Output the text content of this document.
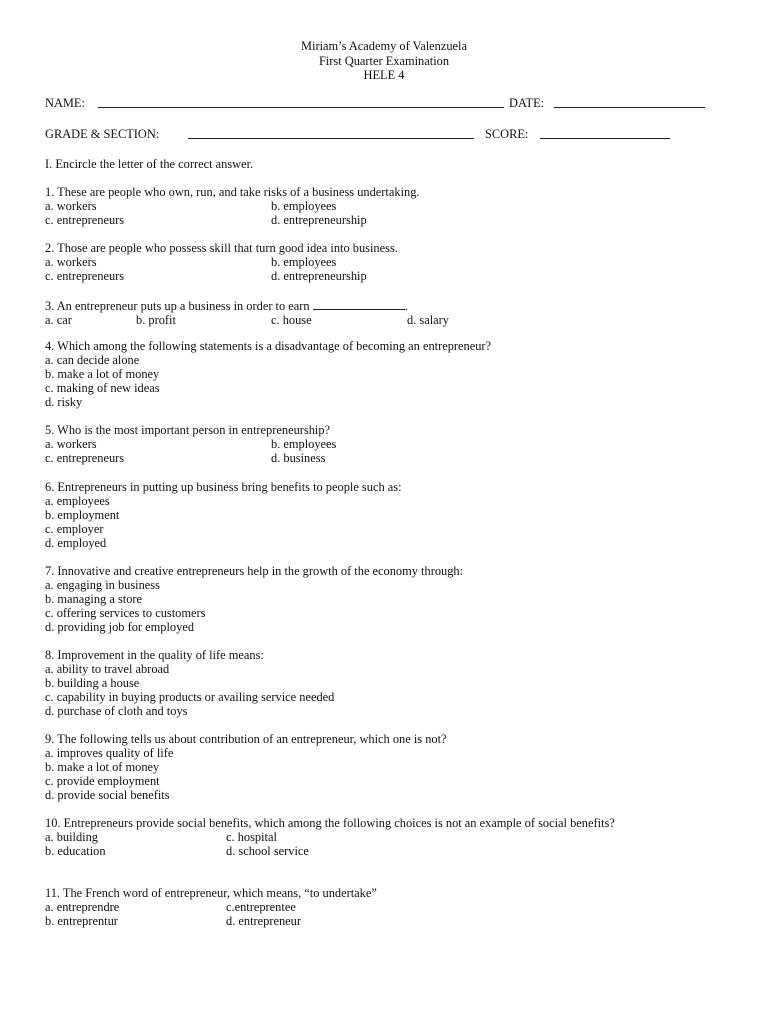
Miriam’s Academy of Valenzuela
First Quarter Examination
HELE 4
NAME:	DATE:
GRADE & SECTION:	SCORE:
I. Encircle the letter of the correct answer.
1. These are people who own, run, and take risks of a business undertaking.
a. workers	b. employees
c. entrepreneurs	d. entrepreneurship
2. Those are people who possess skill that turn good idea into business.
a. workers	b. employees
c. entrepreneurs	d. entrepreneurship
3. An entrepreneur puts up a business in order to earn	.
a. car	b. profit	c. house	d. salary
4. Which among the following statements is a disadvantage of becoming an entrepreneur?
a. can decide alone
b. make a lot of money
c. making of new ideas
d. risky
5. Who is the most important person in entrepreneurship?
a. workers	b. employees
c. entrepreneurs	d. business
6. Entrepreneurs in putting up business bring benefits to people such as:
a. employees
b. employment
c. employer
d. employed
7. Innovative and creative entrepreneurs help in the growth of the economy through:
a. engaging in business
b. managing a store
c. offering services to customers
d. providing job for employed
8. Improvement in the quality of life means:
a. ability to travel abroad
b. building a house
c. capability in buying products or availing service needed
d. purchase of cloth and toys
9. The following tells us about contribution of an entrepreneur, which one is not?
a. improves quality of life
b. make a lot of money
c. provide employment
d. provide social benefits
10. Entrepreneurs provide social benefits, which among the following choices is not an example of social benefits?
a. building	c. hospital
b. education	d. school service
11. The French word of entrepreneur, which means, “to undertake”
a. entreprendre	c.entreprentee
b. entreprentur	d. entrepreneur
